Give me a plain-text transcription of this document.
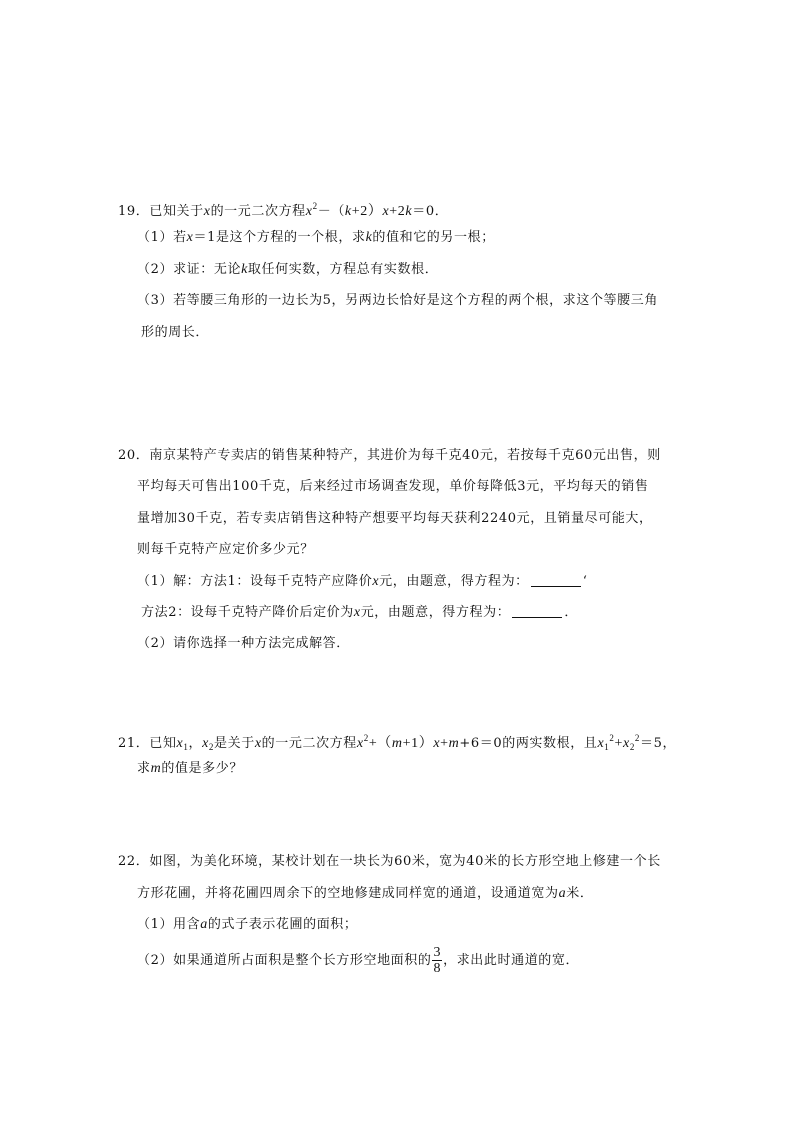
19．已知关于x的一元二次方程$x^2-(k+2)x+2k=0$．
（1）若x＝1是这个方程的一个根，求k的值和它的另一根；
（2）求证：无论k取任何实数，方程总有实数根．
（3）若等腰三角形的一边长为5，另两边长恰好是这个方程的两个根，求这个等腰三角
形的周长．
20．南京某特产专卖店的销售某种特产，其进价为每千克40元，若按每千克60元出售，则
平均每天可售出100千克，后来经过市场调查发现，单价每降低3元，平均每天的销售
量增加30千克，若专卖店销售这种特产想要平均每天获利2240元，且销量尽可能大，
则每千克特产应定价多少元？
（1）解：方法1：设每千克特产应降价x元，由题意，得方程为：	‘
方法2：设每千克特产降价后定价为x元，由题意，得方程为：	．
（2）请你选择一种方法完成解答．
21．已知$x_1$，$x_2$是关于x的一元二次方程$x^2+(m+1)x+m+6=0$的两实数根，且$x_1^2+x_2^2=5$，
求m的值是多少？
22．如图，为美化环境，某校计划在一块长为60米，宽为40米的长方形空地上修建一个长
方形花圃，并将花圃四周余下的空地修建成同样宽的通道，设通道宽为a米．
（1）用含a的式子表示花圃的面积；
（2）如果通道所占面积是整个长方形空地面积的 $\frac{3}{8}$ ，求出此时通道的宽．
